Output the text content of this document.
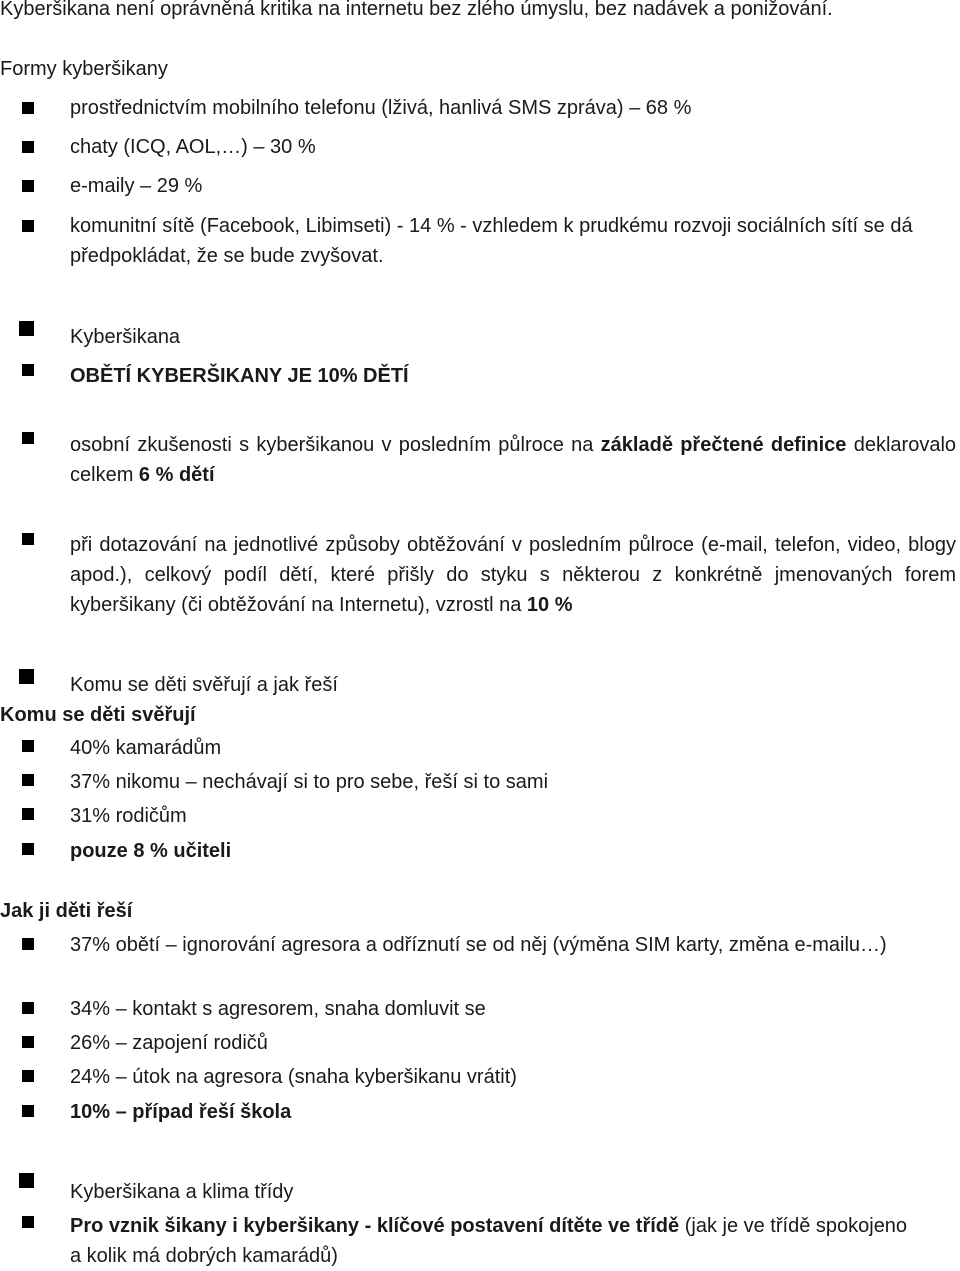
Kyberšikana není oprávněná kritika na internetu bez zlého úmyslu, bez nadávek a ponižování.
Formy kyberšikany
prostřednictvím mobilního telefonu (lživá, hanlivá SMS zpráva) – 68 %
chaty (ICQ, AOL,…) – 30 %
e-maily – 29 %
komunitní sítě (Facebook, Libimseti) - 14 % - vzhledem k prudkému rozvoji sociálních sítí se dá předpokládat, že se bude zvyšovat.
Kyberšikana
OBĚTÍ KYBERŠIKANY JE 10% DĚTÍ
osobní zkušenosti s kyberšikanou v posledním půlroce na základě přečtené definice deklarovalo celkem 6 % dětí
při dotazování na jednotlivé způsoby obtěžování v posledním půlroce (e-mail, telefon, video, blogy apod.), celkový podíl dětí, které přišly do styku s některou z konkrétně jmenovaných forem kyberšikany (či obtěžování na Internetu), vzrostl na 10 %
Komu se děti svěřují a jak řeší
Komu se děti svěřují
40% kamarádům
37% nikomu – nechávají si to pro sebe, řeší si to sami
31% rodičům
pouze 8 % učiteli
Jak ji děti řeší
37% obětí – ignorování agresora a odříznutí se od něj (výměna SIM karty, změna e-mailu…)
34% – kontakt s agresorem, snaha domluvit se
26% – zapojení rodičů
24% – útok na agresora (snaha kyberšikanu vrátit)
10% – případ řeší škola
Kyberšikana a klima třídy
Pro vznik šikany i kyberšikany - klíčové postavení dítěte ve třídě (jak je ve třídě spokojeno a kolik má dobrých kamarádů)
